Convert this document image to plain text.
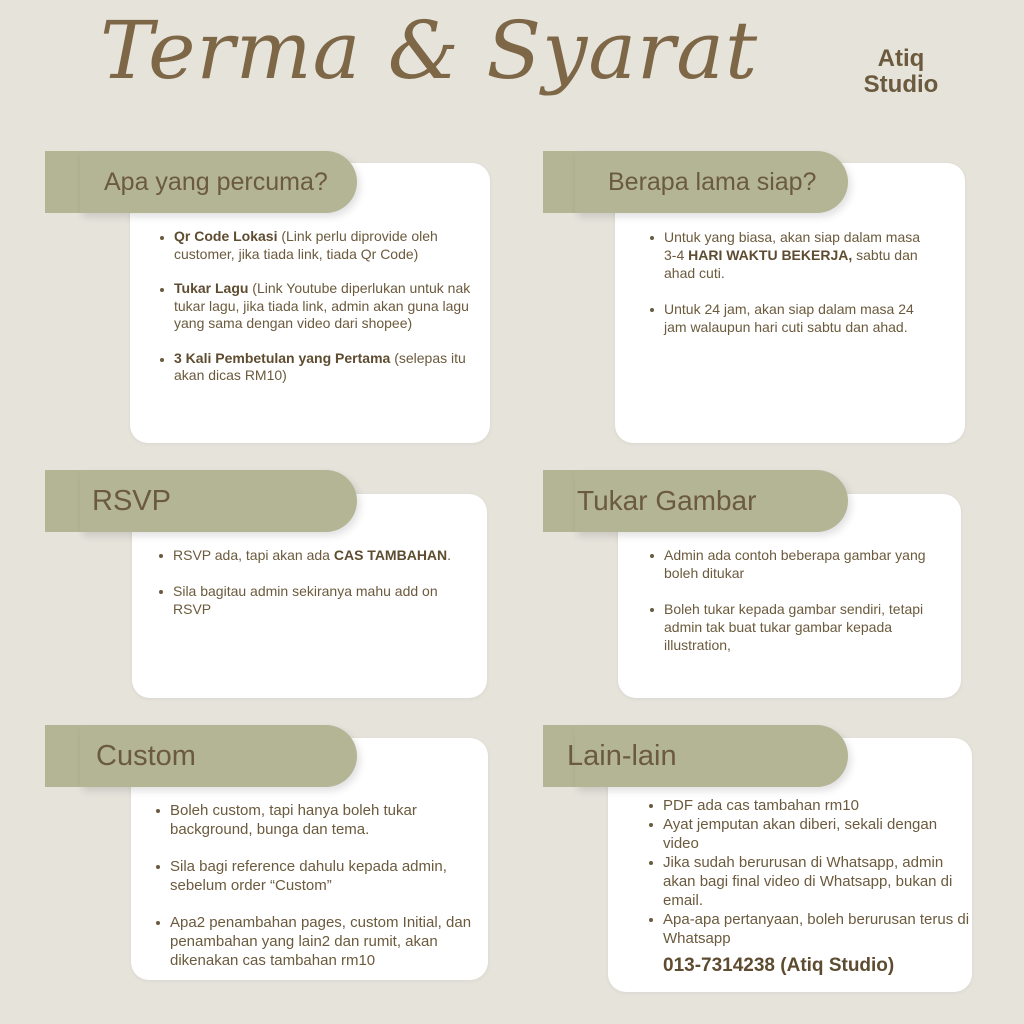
Terma & Syarat	Atiq
Studio
Apa yang percuma?
Qr Code Lokasi (Link perlu diprovide oleh customer, jika tiada link, tiada Qr Code)
Tukar Lagu (Link Youtube diperlukan untuk nak tukar lagu, jika tiada link, admin akan guna lagu yang sama dengan video dari shopee)
3 Kali Pembetulan yang Pertama (selepas itu akan dicas RM10)
Berapa lama siap?
Untuk yang biasa, akan siap dalam masa 3-4 HARI WAKTU BEKERJA, sabtu dan ahad cuti.
Untuk 24 jam, akan siap dalam masa 24 jam walaupun hari cuti sabtu dan ahad.
RSVP
RSVP ada, tapi akan ada CAS TAMBAHAN.
Sila bagitau admin sekiranya mahu add on RSVP
Tukar Gambar
Admin ada contoh beberapa gambar yang boleh ditukar
Boleh tukar kepada gambar sendiri, tetapi admin tak buat tukar gambar kepada illustration,
Custom
Boleh custom, tapi hanya boleh tukar background, bunga dan tema.
Sila bagi reference dahulu kepada admin, sebelum order “Custom”
Apa2 penambahan pages, custom Initial, dan penambahan yang lain2 dan rumit, akan dikenakan cas tambahan rm10
Lain-lain
PDF ada cas tambahan rm10
Ayat jemputan akan diberi, sekali dengan video
Jika sudah berurusan di Whatsapp, admin akan bagi final video di Whatsapp, bukan di email.
Apa-apa pertanyaan, boleh berurusan terus di Whatsapp
013-7314238 (Atiq Studio)
